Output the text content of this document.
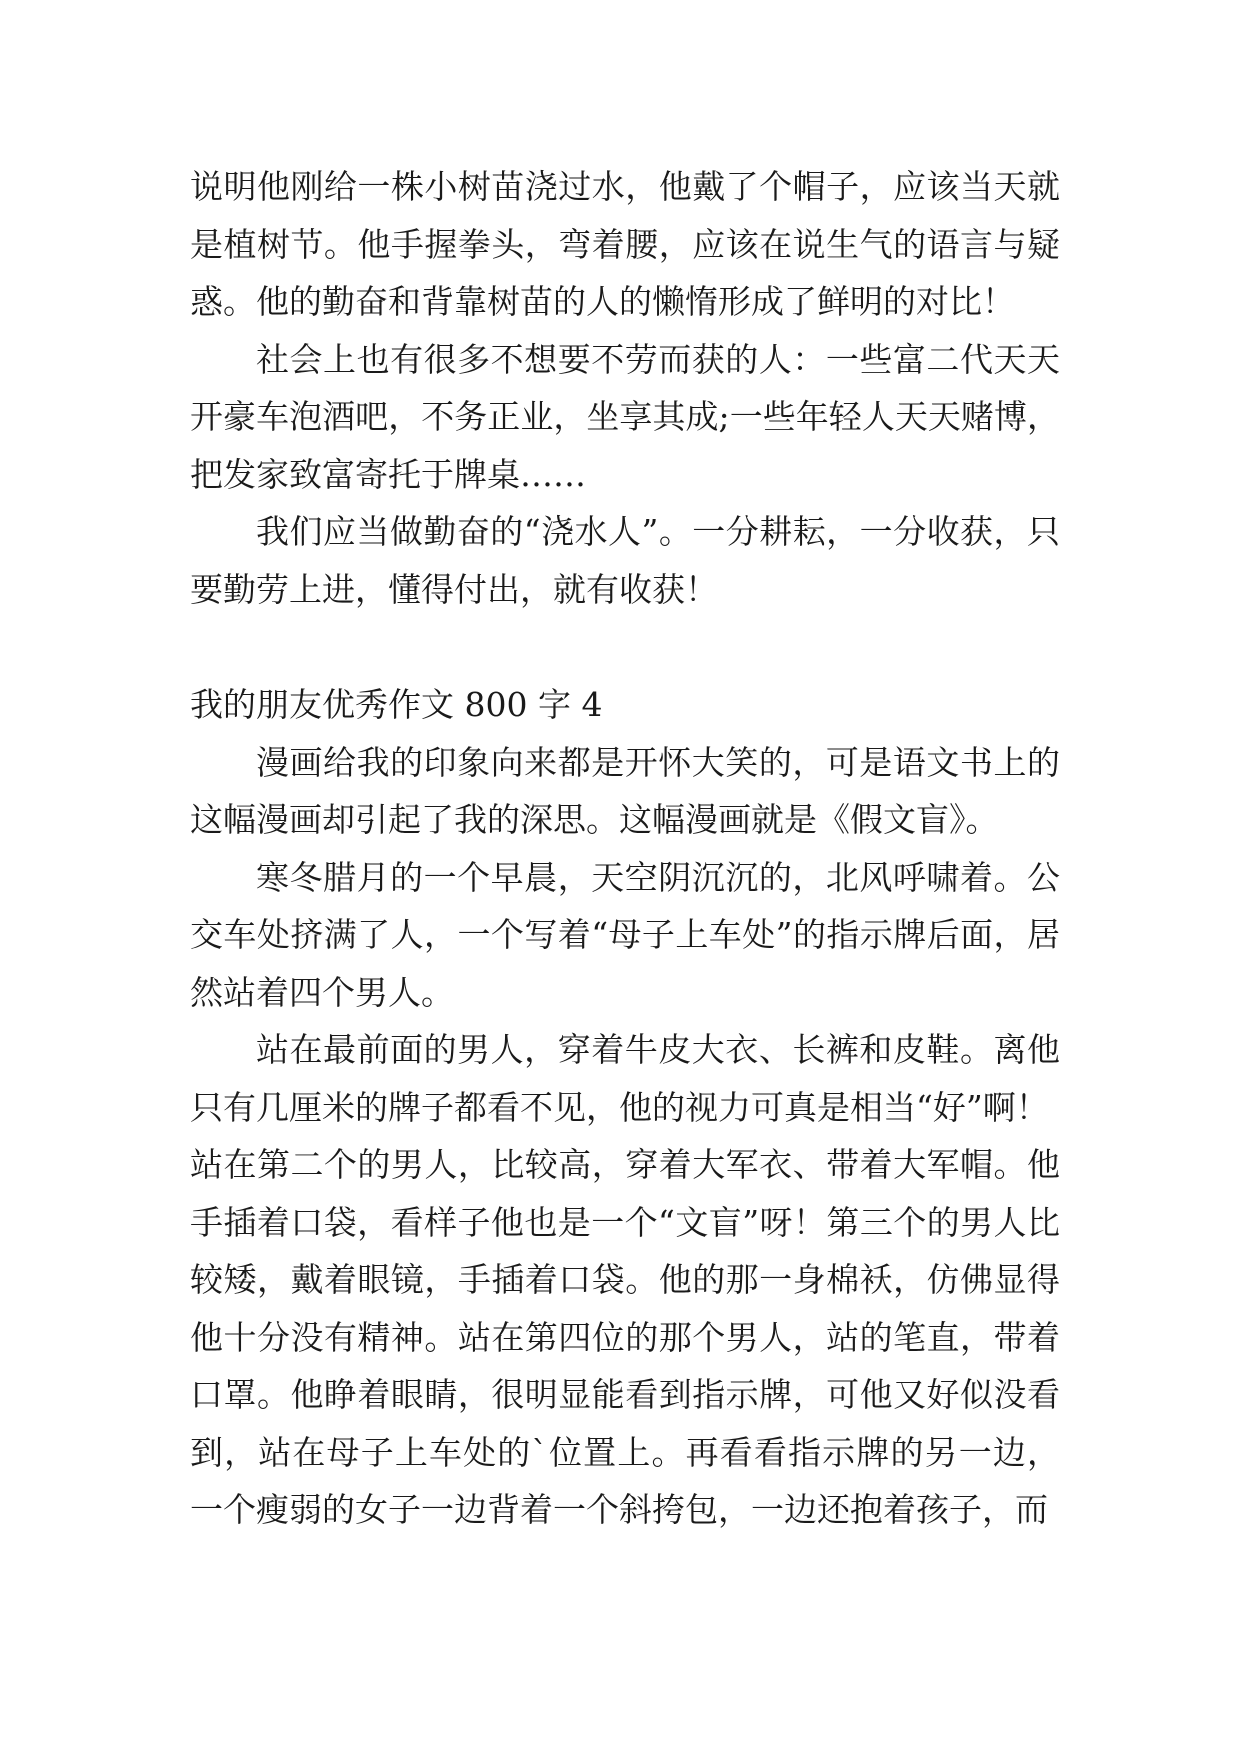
说明他刚给一株小树苗浇过水，他戴了个帽子，应该当天就是植树节。他手握拳头，弯着腰，应该在说生气的语言与疑惑。他的勤奋和背靠树苗的人的懒惰形成了鲜明的对比！

社会上也有很多不想要不劳而获的人：一些富二代天天开豪车泡酒吧，不务正业，坐享其成;一些年轻人天天赌博，把发家致富寄托于牌桌……

我们应当做勤奋的“浇水人”。一分耕耘，一分收获，只要勤劳上进，懂得付出，就有收获！

我的朋友优秀作文 800 字 4

漫画给我的印象向来都是开怀大笑的，可是语文书上的这幅漫画却引起了我的深思。这幅漫画就是《假文盲》。

寒冬腊月的一个早晨，天空阴沉沉的，北风呼啸着。公交车处挤满了人，一个写着“母子上车处”的指示牌后面，居然站着四个男人。

站在最前面的男人，穿着牛皮大衣、长裤和皮鞋。离他只有几厘米的牌子都看不见，他的视力可真是相当“好”啊！

站在第二个的男人，比较高，穿着大军衣、带着大军帽。他手插着口袋，看样子他也是一个“文盲”呀！第三个的男人比较矮，戴着眼镜，手插着口袋。他的那一身棉袄，仿佛显得他十分没有精神。站在第四位的那个男人，站的笔直，带着口罩。他睁着眼睛，很明显能看到指示牌，可他又好似没看到，站在母子上车处的`位置上。再看看指示牌的另一边，一个瘦弱的女子一边背着一个斜挎包，一边还抱着孩子，而
